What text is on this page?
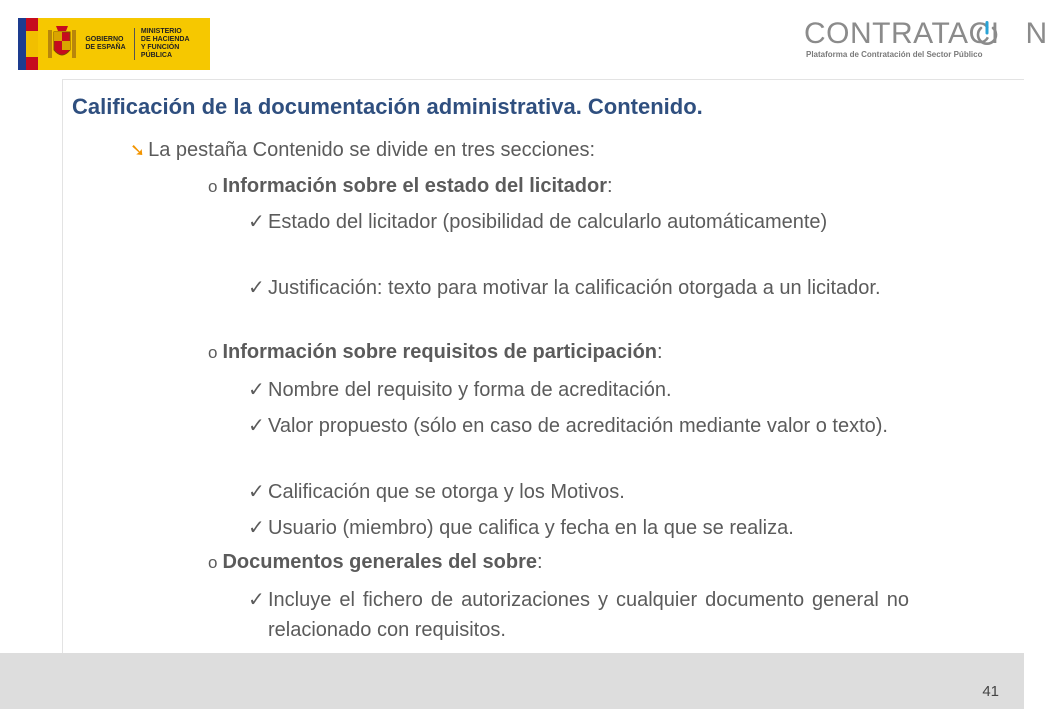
GOBIERNO
DE ESPAÑA
MINISTERIO
DE HACIENDA
Y FUNCIÓN PÚBLICA
CONTRATACI N
Plataforma de Contratación del Sector Público
Calificación de la documentación administrativa. Contenido.
➘ La pestaña Contenido se divide en tres secciones:
o Información sobre el estado del licitador:
✓ Estado del licitador (posibilidad de calcularlo automáticamente)
✓ Justificación: texto para motivar la calificación otorgada a un licitador.
o Información sobre requisitos de participación:
✓ Nombre del requisito y forma de acreditación.
✓ Valor propuesto (sólo en caso de acreditación mediante valor o texto).
✓ Calificación que se otorga y los Motivos.
✓ Usuario (miembro) que califica y fecha en la que se realiza.
o Documentos generales del sobre:
✓ Incluye el fichero de autorizaciones y cualquier documento general no relacionado con requisitos.
41
